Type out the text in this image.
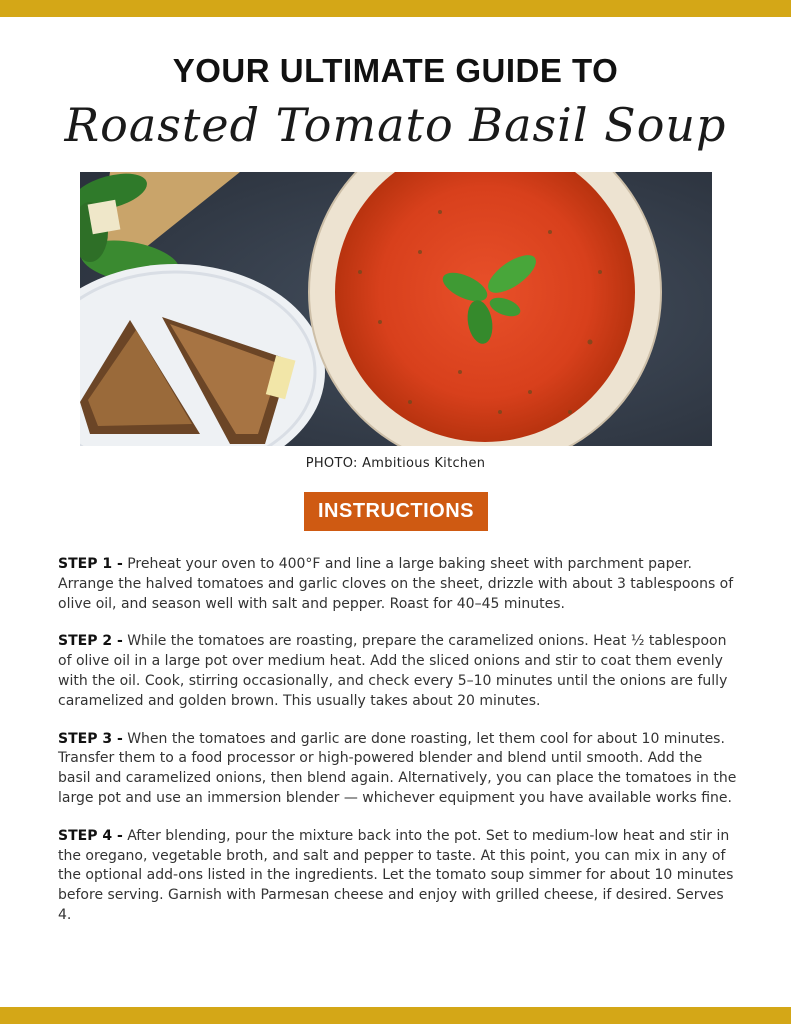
YOUR ULTIMATE GUIDE TO
Roasted Tomato Basil Soup
PHOTO: Ambitious Kitchen
INSTRUCTIONS

STEP 1 - Preheat your oven to 400°F and line a large baking sheet with parchment paper. Arrange the halved tomatoes and garlic cloves on the sheet, drizzle with about 3 tablespoons of olive oil, and season well with salt and pepper. Roast for 40–45 minutes.

STEP 2 - While the tomatoes are roasting, prepare the caramelized onions. Heat ½ tablespoon of olive oil in a large pot over medium heat. Add the sliced onions and stir to coat them evenly with the oil. Cook, stirring occasionally, and check every 5–10 minutes until the onions are fully caramelized and golden brown. This usually takes about 20 minutes.

STEP 3 - When the tomatoes and garlic are done roasting, let them cool for about 10 minutes. Transfer them to a food processor or high-powered blender and blend until smooth. Add the basil and caramelized onions, then blend again. Alternatively, you can place the tomatoes in the large pot and use an immersion blender — whichever equipment you have available works fine.

STEP 4 - After blending, pour the mixture back into the pot. Set to medium-low heat and stir in the oregano, vegetable broth, and salt and pepper to taste. At this point, you can mix in any of the optional add-ons listed in the ingredients. Let the tomato soup simmer for about 10 minutes before serving. Garnish with Parmesan cheese and enjoy with grilled cheese, if desired. Serves 4.
